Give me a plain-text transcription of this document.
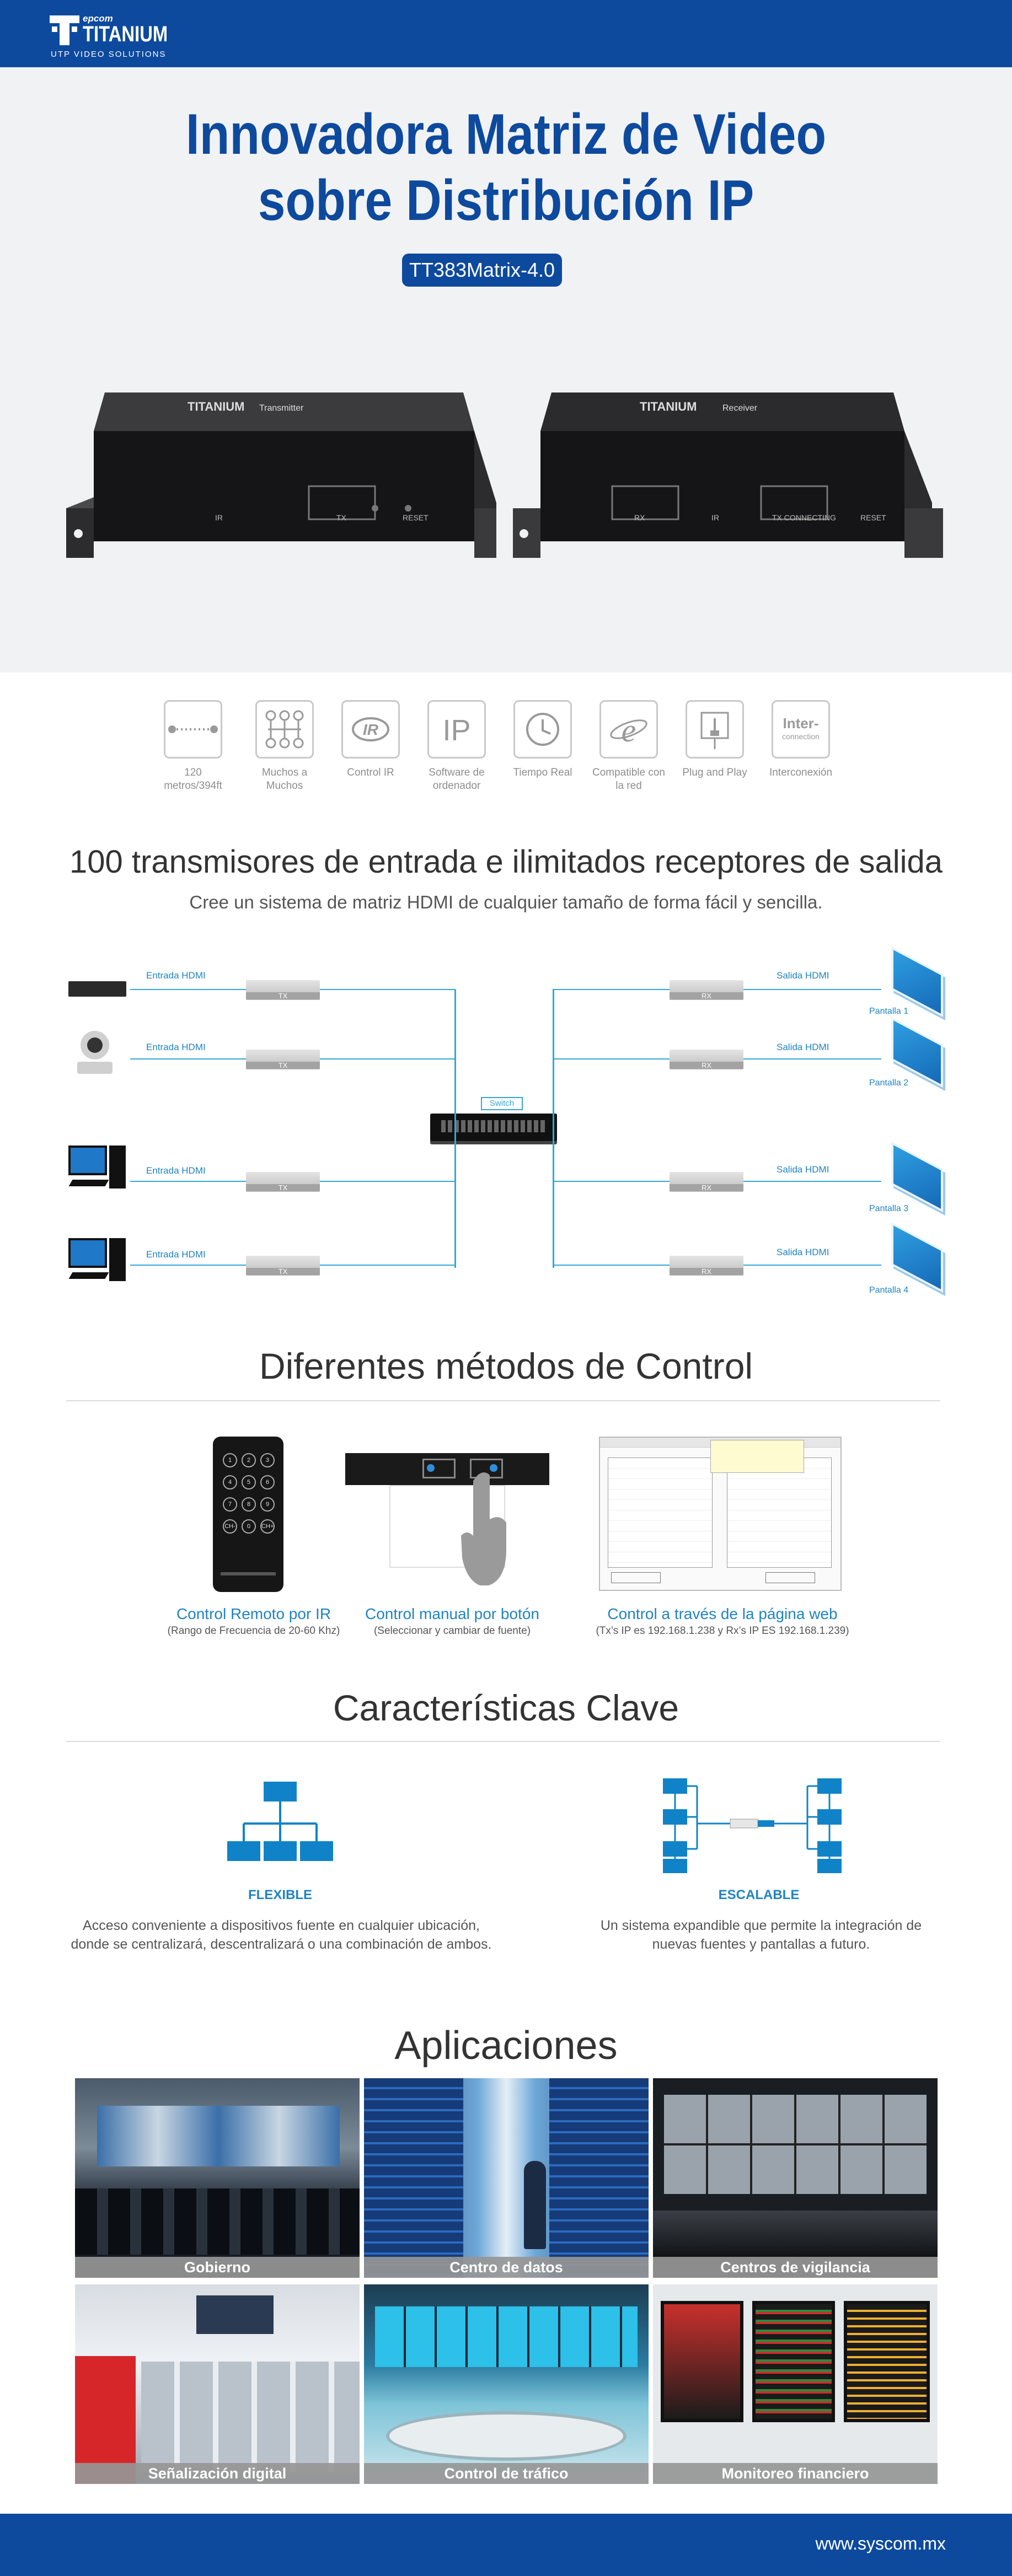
epcom
TITANIUM
UTP VIDEO SOLUTIONS
Innovadora Matriz de Video
sobre Distribución IP
TT383Matrix-4.0
TITANIUM Transmitter
IR	TX	RESET
TITANIUM	Receiver
RX	IR	TX CONNECTING	RESET
120 metros/394ft
Muchos a Muchos
IR
Control IR
IP
Software de ordenador
Tiempo Real
e
Compatible con la red
Plug and Play
Inter-
connection
Interconexión
100 transmisores de entrada e ilimitados receptores de salida
Cree un sistema de matriz HDMI de cualquier tamaño de forma fácil y sencilla.
Switch
Entrada HDMI
TX
Entrada HDMI
TX
Entrada HDMI
TX
Entrada HDMI
TX
RX
Salida HDMI
Pantalla 1
RX
Salida HDMI
Pantalla 2
RX
Salida HDMI
Pantalla 3
RX
Salida HDMI
Pantalla 4
Diferentes métodos de Control
1	2	3
4	5	6
7	8	9
CH-	0	CH+
Control Remoto por IR
(Rango de Frecuencia de 20-60 Khz)
Control manual por botón
(Seleccionar y cambiar de fuente)
Control a través de la página web
(Tx’s IP es 192.168.1.238 y Rx’s IP ES 192.168.1.239)
Características Clave
FLEXIBLE
Acceso conveniente a dispositivos fuente en cualquier ubicación,
donde se centralizará, descentralizará o una combinación de ambos.
ESCALABLE
Un sistema expandible que permite la integración de
nuevas fuentes y pantallas a futuro.
Aplicaciones
Gobierno	Centro de datos	Centros de vigilancia
Señalización digital	Control de tráfico	Monitoreo financiero
www.syscom.mx
